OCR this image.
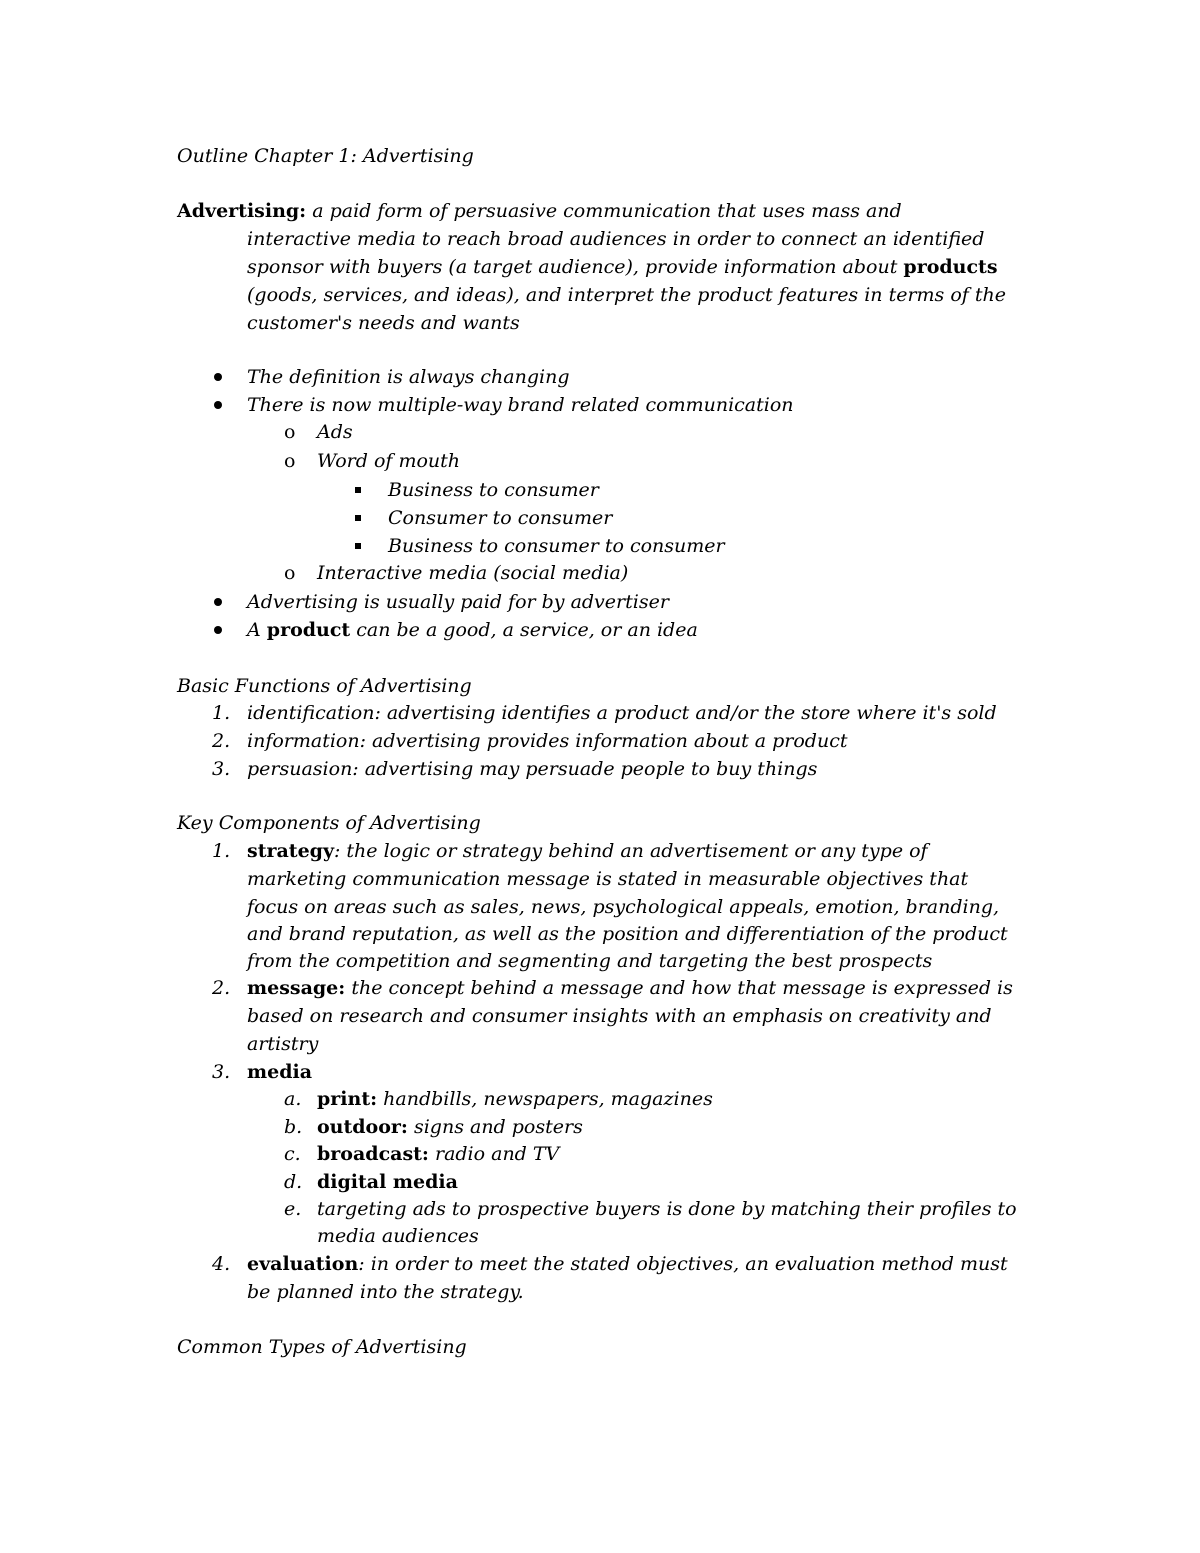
Outline Chapter 1: Advertising
Advertising: a paid form of persuasive communication that uses mass and
interactive media to reach broad audiences in order to connect an identified
sponsor with buyers (a target audience), provide information about products
(goods, services, and ideas), and interpret the product features in terms of the
customer's needs and wants
The definition is always changing
There is now multiple-way brand related communication
o Ads
o Word of mouth
Business to consumer
Consumer to consumer
Business to consumer to consumer
o Interactive media (social media)
Advertising is usually paid for by advertiser
A product can be a good, a service, or an idea
Basic Functions of Advertising
1. identification: advertising identifies a product and/or the store where it's sold
2. information: advertising provides information about a product
3. persuasion: advertising may persuade people to buy things
Key Components of Advertising
1. strategy: the logic or strategy behind an advertisement or any type of
marketing communication message is stated in measurable objectives that
focus on areas such as sales, news, psychological appeals, emotion, branding,
and brand reputation, as well as the position and differentiation of the product
from the competition and segmenting and targeting the best prospects
2. message: the concept behind a message and how that message is expressed is
based on research and consumer insights with an emphasis on creativity and
artistry
3. media
a. print: handbills, newspapers, magazines
b. outdoor: signs and posters
c. broadcast: radio and TV
d. digital media
e. targeting ads to prospective buyers is done by matching their profiles to
media audiences
4. evaluation: in order to meet the stated objectives, an evaluation method must
be planned into the strategy.
Common Types of Advertising
